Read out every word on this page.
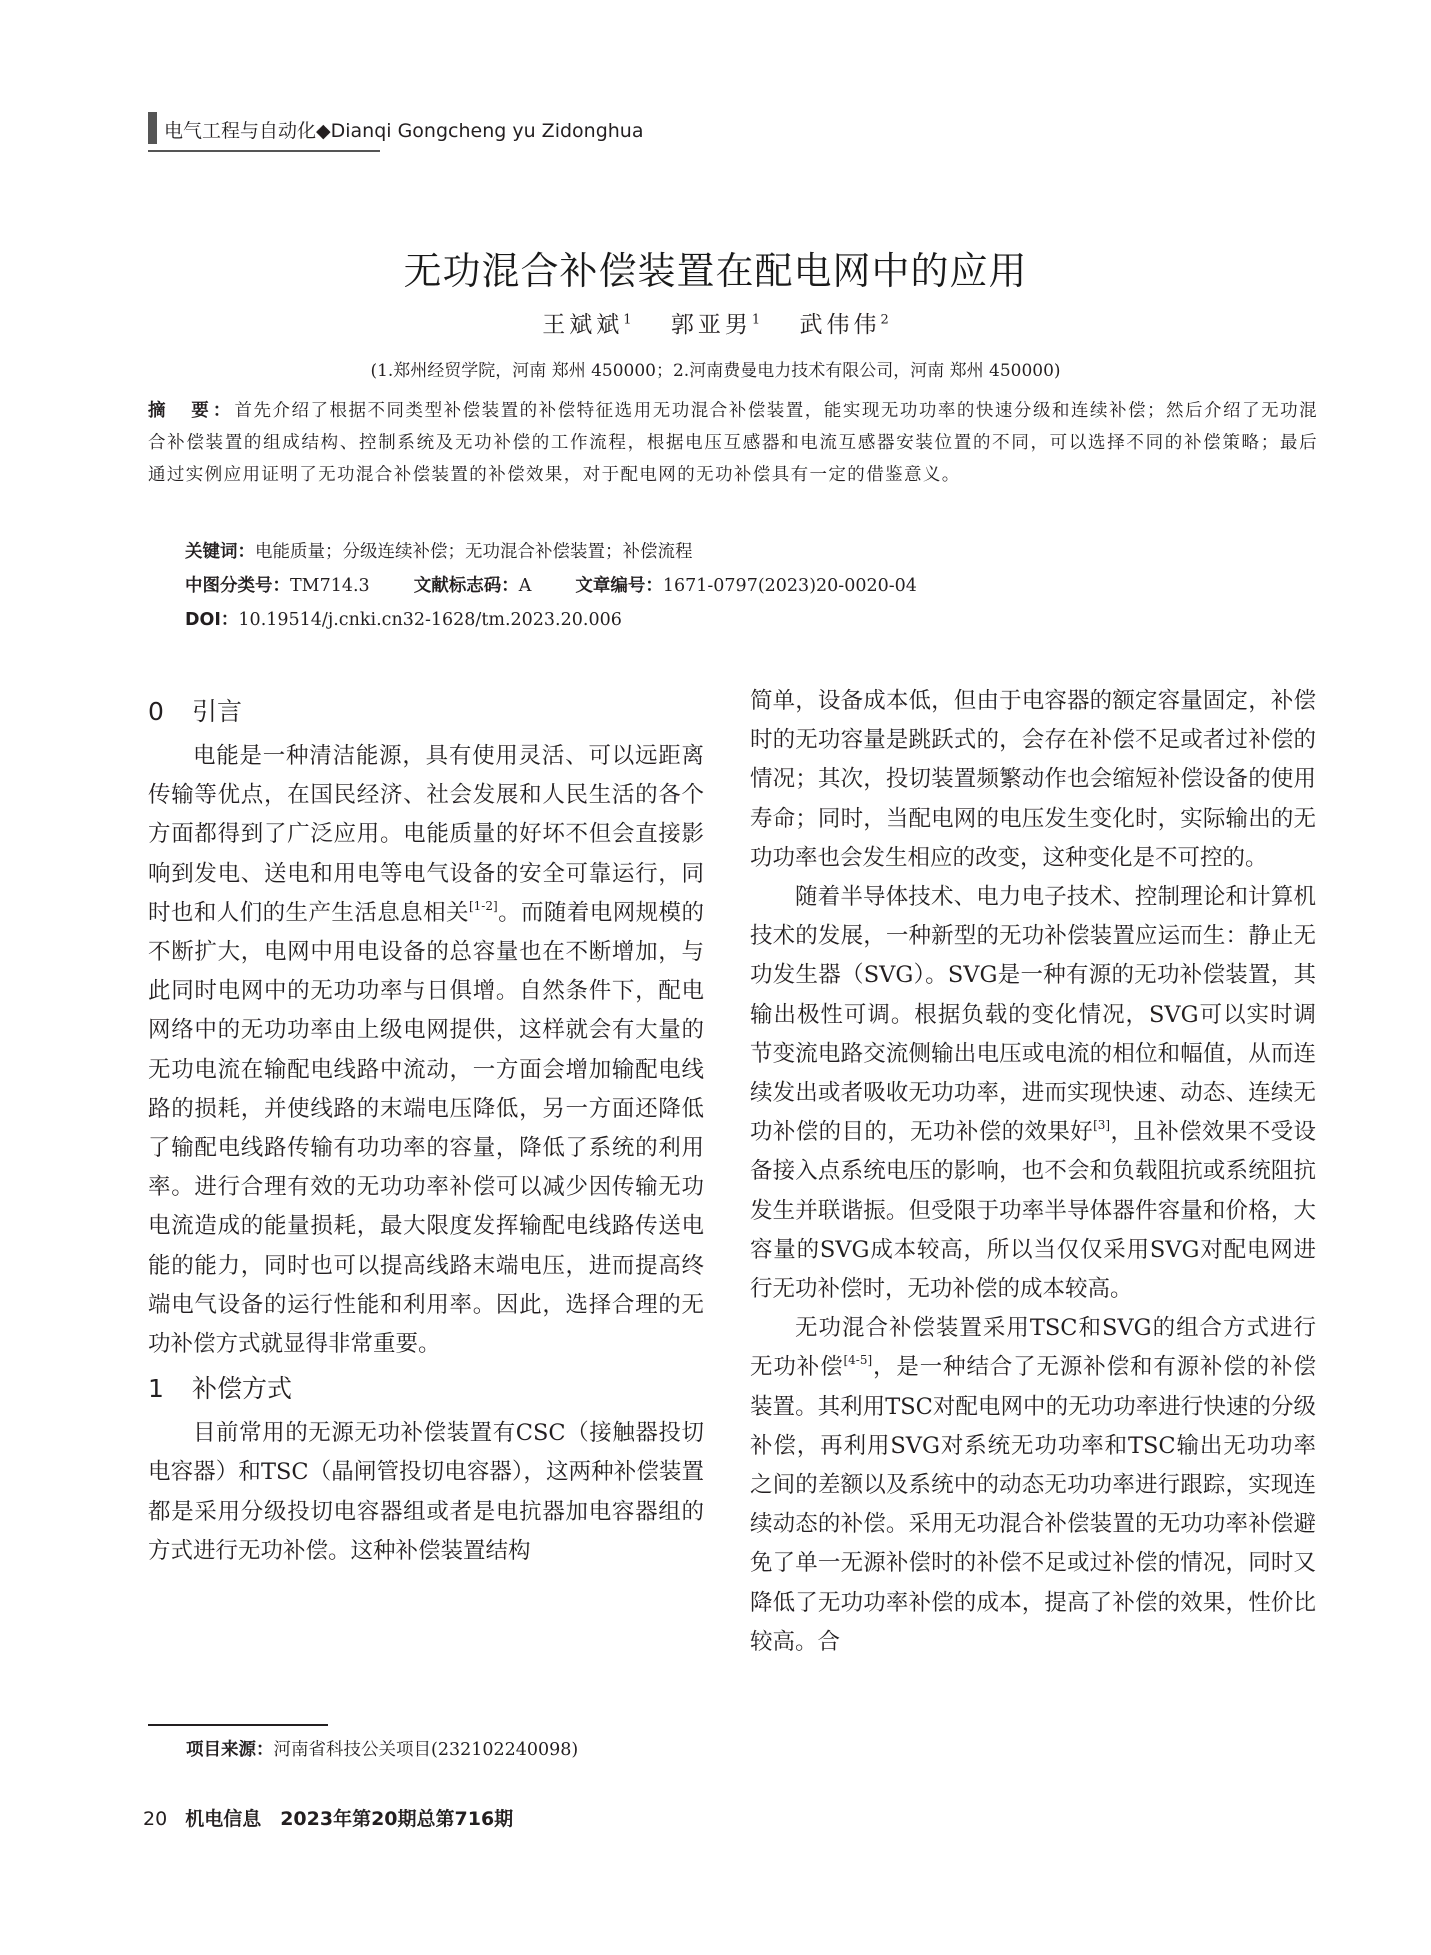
电气工程与自动化◆Dianqi Gongcheng yu Zidonghua
无功混合补偿装置在配电网中的应用
王斌斌$^1$ 郭亚男$^1$ 武伟伟$^2$
(1.郑州经贸学院，河南 郑州 450000；2.河南费曼电力技术有限公司，河南 郑州 450000)
摘　要：首先介绍了根据不同类型补偿装置的补偿特征选用无功混合补偿装置，能实现无功功率的快速分级和连续补偿；然后介绍了无功混合补偿装置的组成结构、控制系统及无功补偿的工作流程，根据电压互感器和电流互感器安装位置的不同，可以选择不同的补偿策略；最后通过实例应用证明了无功混合补偿装置的补偿效果，对于配电网的无功补偿具有一定的借鉴意义。
关键词：电能质量；分级连续补偿；无功混合补偿装置；补偿流程
中图分类号：TM714.3	文献标志码：A	文章编号：1671-0797(2023)20-0020-04
DOI：10.19514/j.cnki.cn32-1628/tm.2023.20.006
0 引言

电能是一种清洁能源，具有使用灵活、可以远距离传输等优点，在国民经济、社会发展和人民生活的各个方面都得到了广泛应用。电能质量的好坏不但会直接影响到发电、送电和用电等电气设备的安全可靠运行，同时也和人们的生产生活息息相关[1-2]。而随着电网规模的不断扩大，电网中用电设备的总容量也在不断增加，与此同时电网中的无功功率与日俱增。自然条件下，配电网络中的无功功率由上级电网提供，这样就会有大量的无功电流在输配电线路中流动，一方面会增加输配电线路的损耗，并使线路的末端电压降低，另一方面还降低了输配电线路传输有功功率的容量，降低了系统的利用率。进行合理有效的无功功率补偿可以减少因传输无功电流造成的能量损耗，最大限度发挥输配电线路传送电能的能力，同时也可以提高线路末端电压，进而提高终端电气设备的运行性能和利用率。因此，选择合理的无功补偿方式就显得非常重要。

1 补偿方式

目前常用的无源无功补偿装置有CSC（接触器投切电容器）和TSC（晶闸管投切电容器），这两种补偿装置都是采用分级投切电容器组或者是电抗器加电容器组的方式进行无功补偿。这种补偿装置结构

简单，设备成本低，但由于电容器的额定容量固定，补偿时的无功容量是跳跃式的，会存在补偿不足或者过补偿的情况；其次，投切装置频繁动作也会缩短补偿设备的使用寿命；同时，当配电网的电压发生变化时，实际输出的无功功率也会发生相应的改变，这种变化是不可控的。

随着半导体技术、电力电子技术、控制理论和计算机技术的发展，一种新型的无功补偿装置应运而生：静止无功发生器（SVG）。SVG是一种有源的无功补偿装置，其输出极性可调。根据负载的变化情况，SVG可以实时调节变流电路交流侧输出电压或电流的相位和幅值，从而连续发出或者吸收无功功率，进而实现快速、动态、连续无功补偿的目的，无功补偿的效果好[3]，且补偿效果不受设备接入点系统电压的影响，也不会和负载阻抗或系统阻抗发生并联谐振。但受限于功率半导体器件容量和价格，大容量的SVG成本较高，所以当仅仅采用SVG对配电网进行无功补偿时，无功补偿的成本较高。

无功混合补偿装置采用TSC和SVG的组合方式进行无功补偿[4-5]，是一种结合了无源补偿和有源补偿的补偿装置。其利用TSC对配电网中的无功功率进行快速的分级补偿，再利用SVG对系统无功功率和TSC输出无功功率之间的差额以及系统中的动态无功功率进行跟踪，实现连续动态的补偿。采用无功混合补偿装置的无功功率补偿避免了单一无源补偿时的补偿不足或过补偿的情况，同时又降低了无功功率补偿的成本，提高了补偿的效果，性价比较高。合

项目来源：河南省科技公关项目(232102240098)
20 机电信息　2023年第20期总第716期
